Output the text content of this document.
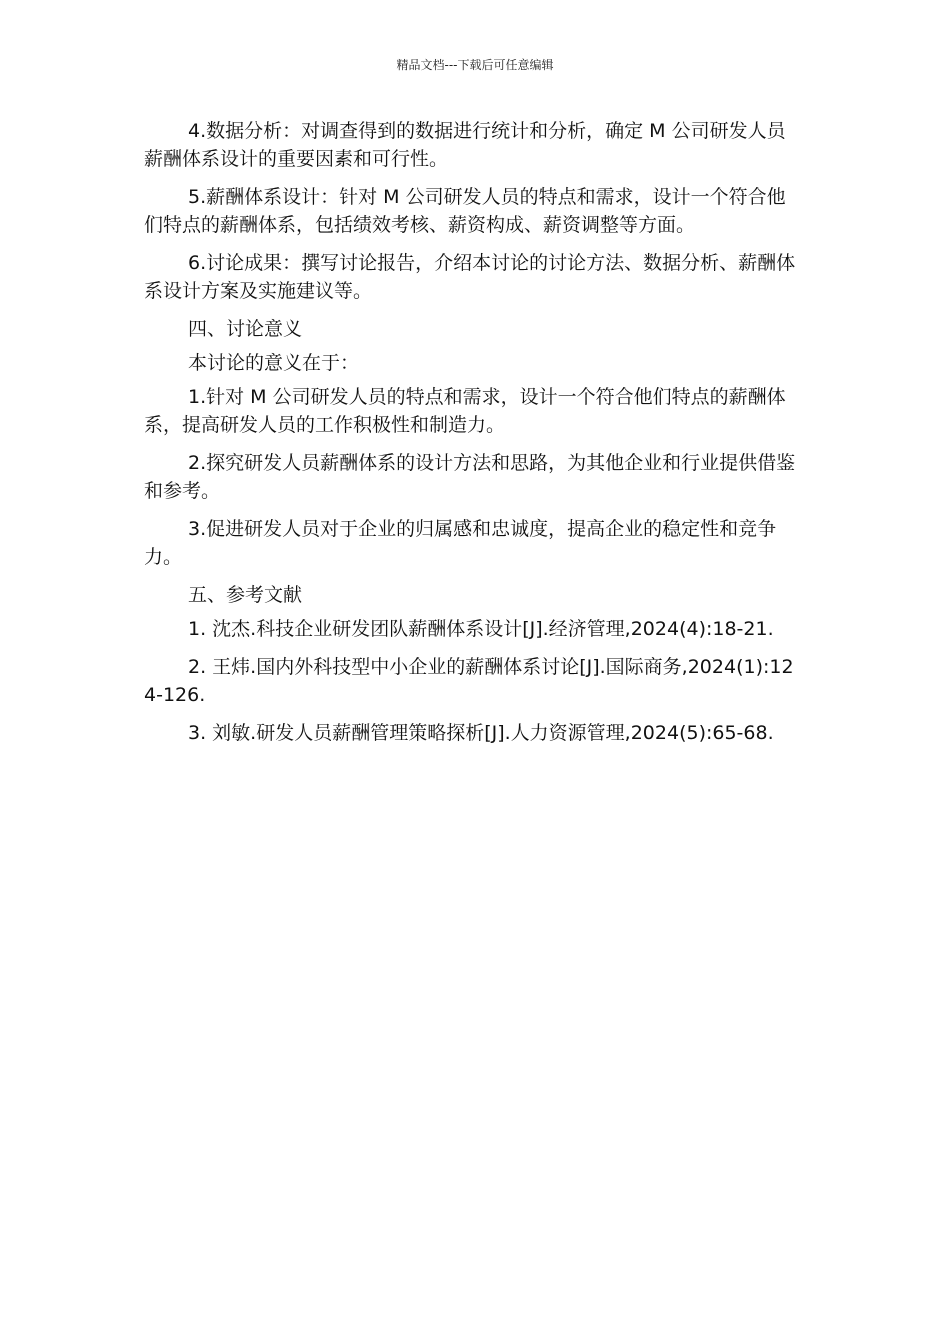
精品文档---下载后可任意编辑

4.数据分析：对调查得到的数据进行统计和分析，确定 M 公司研发人员薪酬体系设计的重要因素和可行性。

5.薪酬体系设计：针对 M 公司研发人员的特点和需求，设计一个符合他们特点的薪酬体系，包括绩效考核、薪资构成、薪资调整等方面。

6.讨论成果：撰写讨论报告，介绍本讨论的讨论方法、数据分析、薪酬体系设计方案及实施建议等。

四、讨论意义

本讨论的意义在于：

1.针对 M 公司研发人员的特点和需求，设计一个符合他们特点的薪酬体系，提高研发人员的工作积极性和制造力。

2.探究研发人员薪酬体系的设计方法和思路，为其他企业和行业提供借鉴和参考。

3.促进研发人员对于企业的归属感和忠诚度，提高企业的稳定性和竞争力。

五、参考文献

1. 沈杰.科技企业研发团队薪酬体系设计[J].经济管理,2024(4):18-21.

2. 王炜.国内外科技型中小企业的薪酬体系讨论[J].国际商务,2024(1):124-126.

3. 刘敏.研发人员薪酬管理策略探析[J].人力资源管理,2024(5):65-68.
